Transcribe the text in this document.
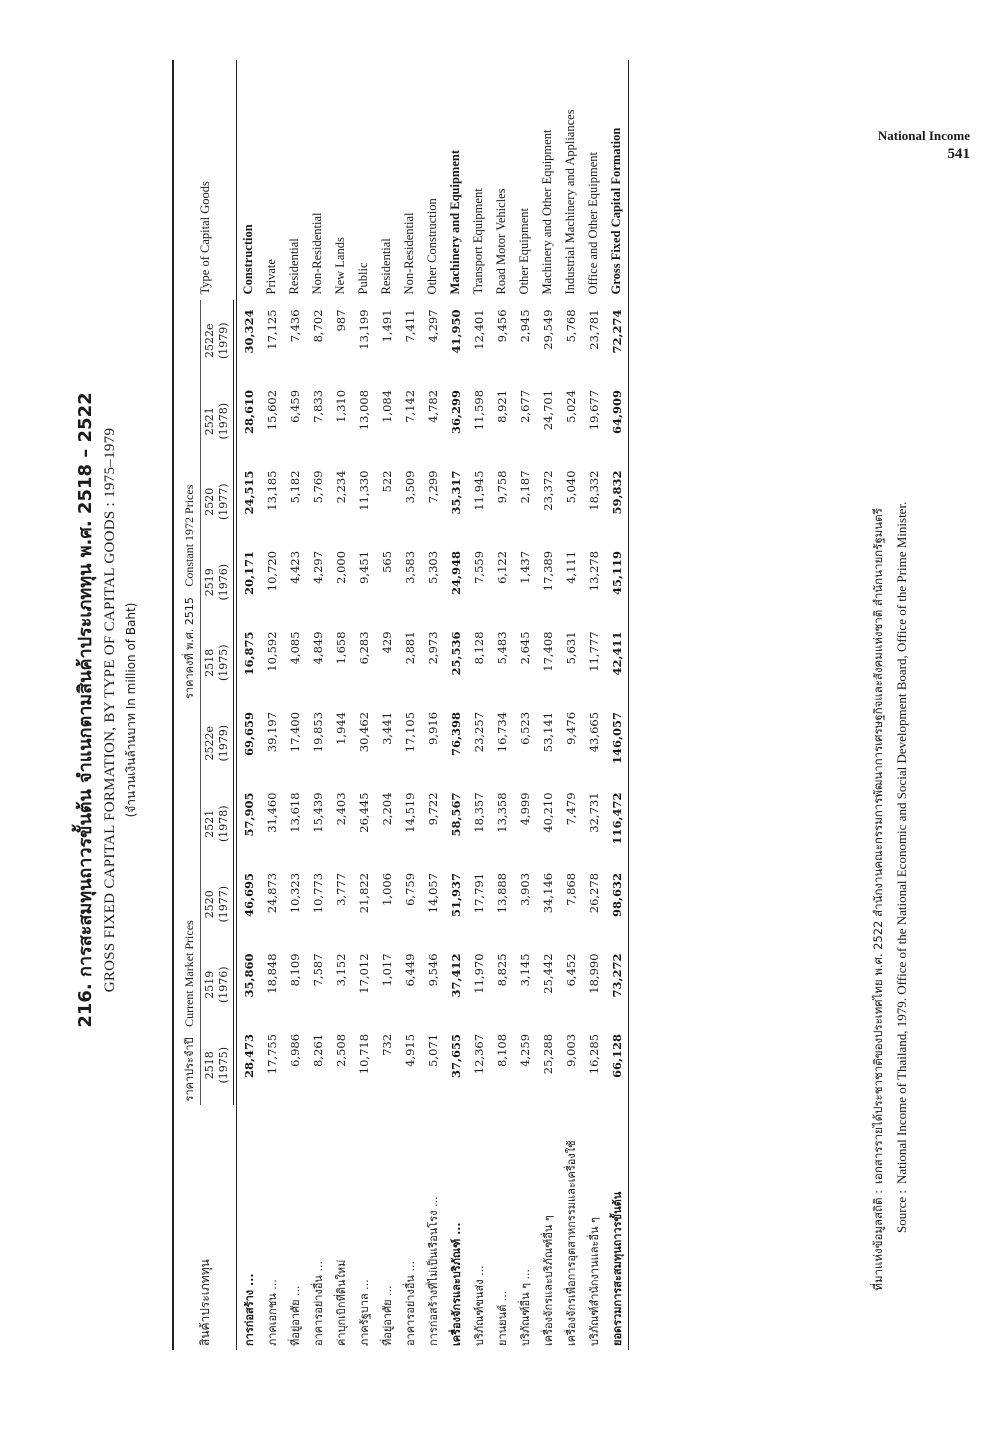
National Income
541
216. การสะสมทุนถาวรขั้นต้น จำแนกตามสินค้าประเภททุน พ.ศ. 2518 – 2522 GROSS FIXED CAPITAL FORMATION, BY TYPE OF CAPITAL GOODS : 1975–1979 (จำนวนเงินล้านบาท In million of Baht)
สินค้าประเภททุน	ราคาประจำปี   Current Market Prices					ราคาคงที่ พ.ศ. 2515   Constant 1972 Prices					Type of Capital Goods
	2518
(1975)	2519
(1976)	2520
(1977)	2521
(1978)	2522e
(1979)	2518
(1975)	2519
(1976)	2520
(1977)	2521
(1978)	2522e
(1979)	

การก่อสร้าง ...	28,473	35,860	46,695	57,905	69,659	16,875	20,171	24,515	28,610	30,324	Construction
ภาคเอกชน ...	17,755	18,848	24,873	31,460	39,197	10,592	10,720	13,185	15,602	17,125	Private
ที่อยู่อาศัย ...	6,986	8,109	10,323	13,618	17,400	4,085	4,423	5,182	6,459	7,436	Residential
อาคารอย่างอื่น ...	8,261	7,587	10,773	15,439	19,853	4,849	4,297	5,769	7,833	8,702	Non-Residential
ค่าบุกเบิกที่ดินใหม่	2,508	3,152	3,777	2,403	1,944	1,658	2,000	2,234	1,310	987	New Lands
ภาครัฐบาล ...	10,718	17,012	21,822	26,445	30,462	6,283	9,451	11,330	13,008	13,199	Public
ที่อยู่อาศัย ...	732	1,017	1,006	2,204	3,441	429	565	522	1,084	1,491	Residential
อาคารอย่างอื่น ...	4,915	6,449	6,759	14,519	17,105	2,881	3,583	3,509	7,142	7,411	Non-Residential
การก่อสร้างที่ไม่เป็นเรือนโรง ...	5,071	9,546	14,057	9,722	9,916	2,973	5,303	7,299	4,782	4,297	Other Construction
เครื่องจักรและบริภัณฑ์ ...	37,655	37,412	51,937	58,567	76,398	25,536	24,948	35,317	36,299	41,950	Machinery and Equipment
บริภัณฑ์ขนส่ง ...	12,367	11,970	17,791	18,357	23,257	8,128	7,559	11,945	11,598	12,401	Transport Equipment
ยานยนต์ ...	8,108	8,825	13,888	13,358	16,734	5,483	6,122	9,758	8,921	9,456	Road Motor Vehicles
บริภัณฑ์อื่น ๆ ...	4,259	3,145	3,903	4,999	6,523	2,645	1,437	2,187	2,677	2,945	Other Equipment
เครื่องจักรและบริภัณฑ์อื่น ๆ	25,288	25,442	34,146	40,210	53,141	17,408	17,389	23,372	24,701	29,549	Machinery and Other Equipment
เครื่องจักรเพื่อการอุตสาหกรรมและเครื่องใช้	9,003	6,452	7,868	7,479	9,476	5,631	4,111	5,040	5,024	5,768	Industrial Machinery and Appliances
บริภัณฑ์สำนักงานและอื่น ๆ	16,285	18,990	26,278	32,731	43,665	11,777	13,278	18,332	19,677	23,781	Office and Other Equipment
ยอดรวมการสะสมทุนถาวรขั้นต้น	66,128	73,272	98,632	116,472	146,057	42,411	45,119	59,832	64,909	72,274	Gross Fixed Capital Formation
ที่มาแห่งข้อมูลสถิติ :
เอกสารรายได้ประชาชาติของประเทศไทย พ.ศ. 2522 สำนักงานคณะกรรมการพัฒนาการเศรษฐกิจและสังคมแห่งชาติ สำนักนายกรัฐมนตรี
Source :
National Income of Thailand, 1979. Office of the National Economic and Social Development Board, Office of the Prime Minister.
